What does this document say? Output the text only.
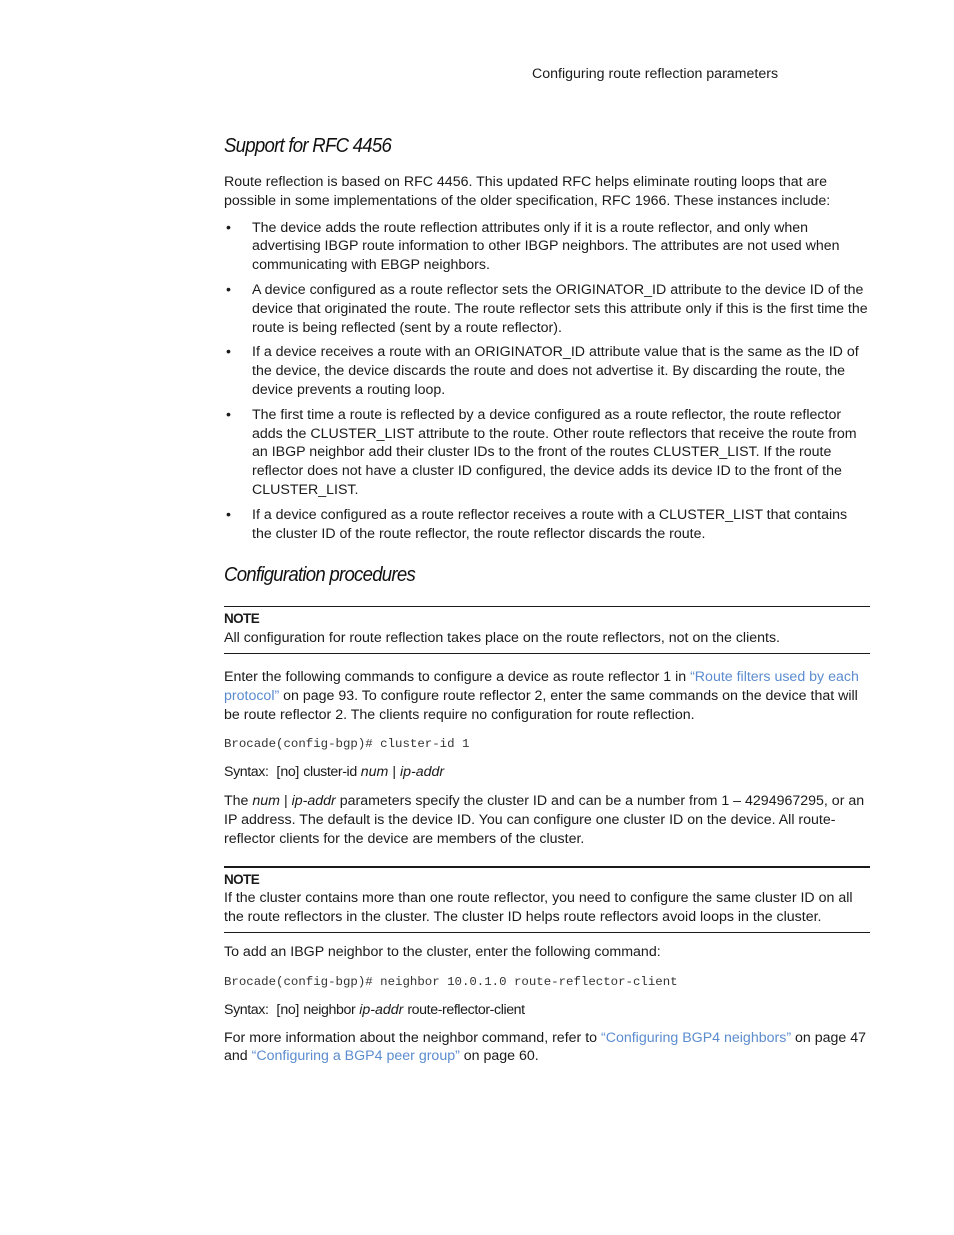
Configuring route reflection parameters
Support for RFC 4456

Route reflection is based on RFC 4456. This updated RFC helps eliminate routing loops that are possible in some implementations of the older specification, RFC 1966. These instances include:

• The device adds the route reflection attributes only if it is a route reflector, and only when advertising IBGP route information to other IBGP neighbors. The attributes are not used when communicating with EBGP neighbors.
• A device configured as a route reflector sets the ORIGINATOR_ID attribute to the device ID of the device that originated the route. The route reflector sets this attribute only if this is the first time the route is being reflected (sent by a route reflector).
• If a device receives a route with an ORIGINATOR_ID attribute value that is the same as the ID of the device, the device discards the route and does not advertise it. By discarding the route, the device prevents a routing loop.
• The first time a route is reflected by a device configured as a route reflector, the route reflector adds the CLUSTER_LIST attribute to the route. Other route reflectors that receive the route from an IBGP neighbor add their cluster IDs to the front of the routes CLUSTER_LIST. If the route reflector does not have a cluster ID configured, the device adds its device ID to the front of the CLUSTER_LIST.
• If a device configured as a route reflector receives a route with a CLUSTER_LIST that contains the cluster ID of the route reflector, the route reflector discards the route.
Configuration procedures
NOTE
All configuration for route reflection takes place on the route reflectors, not on the clients.

Enter the following commands to configure a device as route reflector 1 in “Route filters used by each protocol” on page 93. To configure route reflector 2, enter the same commands on the device that will be route reflector 2. The clients require no configuration for route reflection.

Brocade(config-bgp)# cluster-id 1

Syntax: [no] cluster-id num | ip-addr

The num | ip-addr parameters specify the cluster ID and can be a number from 1 – 4294967295, or an IP address. The default is the device ID. You can configure one cluster ID on the device. All route-reflector clients for the device are members of the cluster.

NOTE
If the cluster contains more than one route reflector, you need to configure the same cluster ID on all the route reflectors in the cluster. The cluster ID helps route reflectors avoid loops in the cluster.

To add an IBGP neighbor to the cluster, enter the following command:

Brocade(config-bgp)# neighbor 10.0.1.0 route-reflector-client

Syntax: [no] neighbor ip-addr route-reflector-client

For more information about the neighbor command, refer to “Configuring BGP4 neighbors” on page 47 and “Configuring a BGP4 peer group” on page 60.
